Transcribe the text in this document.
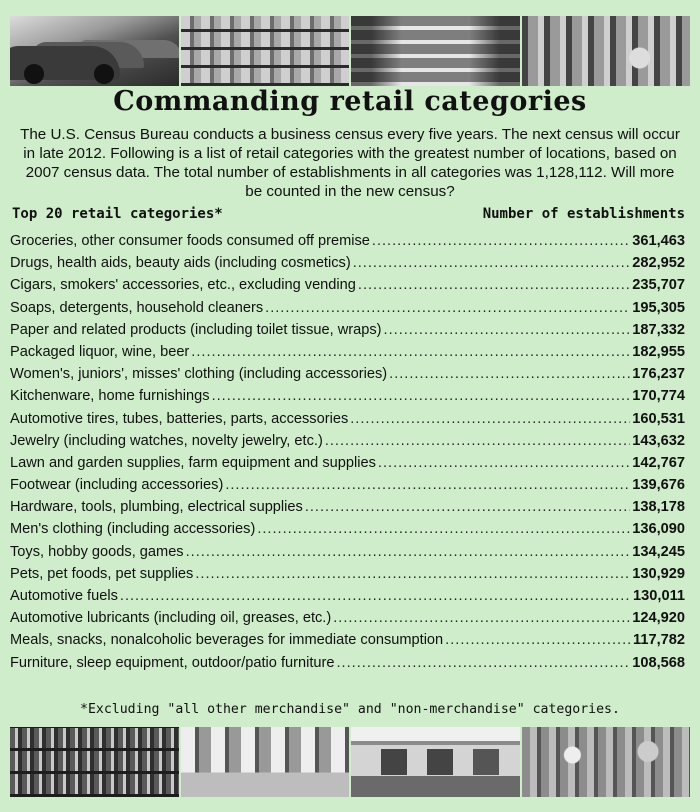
Commanding retail categories

The U.S. Census Bureau conducts a business census every five years. The next census will occur in late 2012. Following is a list of retail categories with the greatest number of locations, based on 2007 census data. The total number of establishments in all categories was 1,128,112. Will more be counted in the new census?

Top 20 retail categories*	Number of establishments
Groceries, other consumer foods consumed off premise .....	361,463
Drugs, health aids, beauty aids (including cosmetics) .....	282,952
Cigars, smokers' accessories, etc., excluding vending .....	235,707
Soaps, detergents, household cleaners .....	195,305
Paper and related products (including toilet tissue, wraps) .....	187,332
Packaged liquor, wine, beer .....	182,955
Women's, juniors', misses' clothing (including accessories) .....	176,237
Kitchenware, home furnishings .....	170,774
Automotive tires, tubes, batteries, parts, accessories .....	160,531
Jewelry (including watches, novelty jewelry, etc.) .....	143,632
Lawn and garden supplies, farm equipment and supplies .....	142,767
Footwear (including accessories) .....	139,676
Hardware, tools, plumbing, electrical supplies .....	138,178
Men's clothing (including accessories) .....	136,090
Toys, hobby goods, games .....	134,245
Pets, pet foods, pet supplies .....	130,929
Automotive fuels .....	130,011
Automotive lubricants (including oil, greases, etc.) .....	124,920
Meals, snacks, nonalcoholic beverages for immediate consumption .....	117,782
Furniture, sleep equipment, outdoor/patio furniture .....	108,568

*Excluding "all other merchandise" and "non-merchandise" categories.
